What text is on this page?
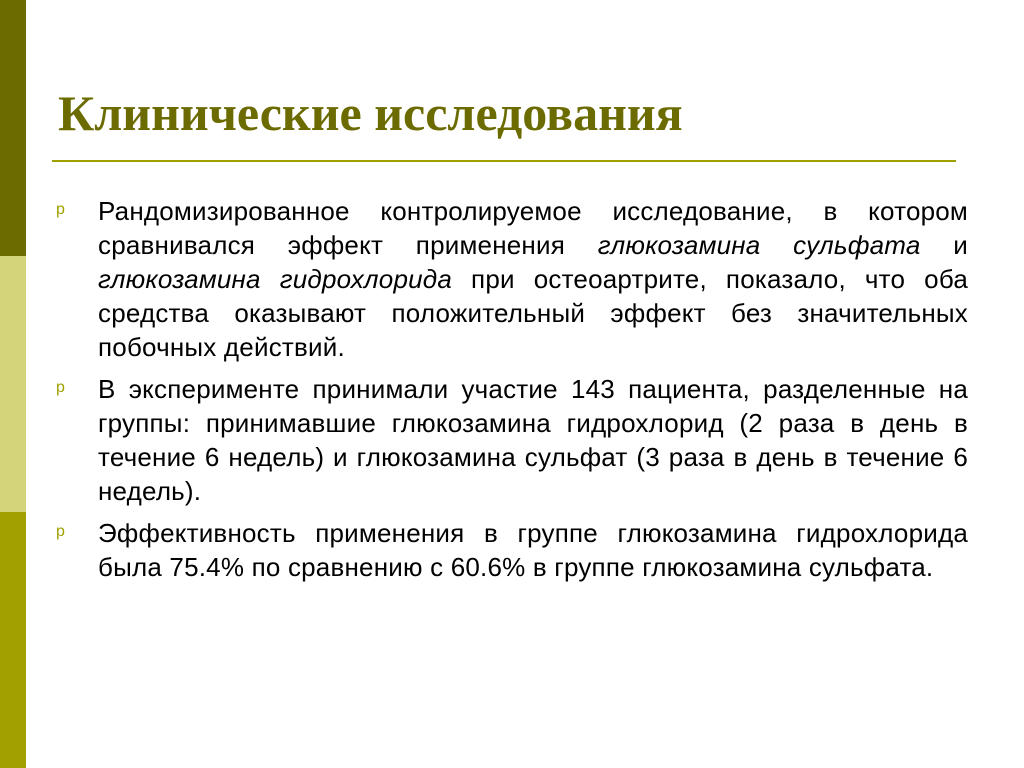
Клинические исследования
p Рандомизированное контролируемое исследование, в котором сравнивался эффект применения глюкозамина сульфата и глюкозамина гидрохлорида при остеоартрите, показало, что оба средства оказывают положительный эффект без значительных побочных действий.
p В эксперименте принимали участие 143 пациента, разделенные на группы: принимавшие глюкозамина гидрохлорид (2 раза в день в течение 6 недель) и глюкозамина сульфат (3 раза в день в течение 6 недель).
p Эффективность применения в группе глюкозамина гидрохлорида была 75.4% по сравнению с 60.6% в группе глюкозамина сульфата.
